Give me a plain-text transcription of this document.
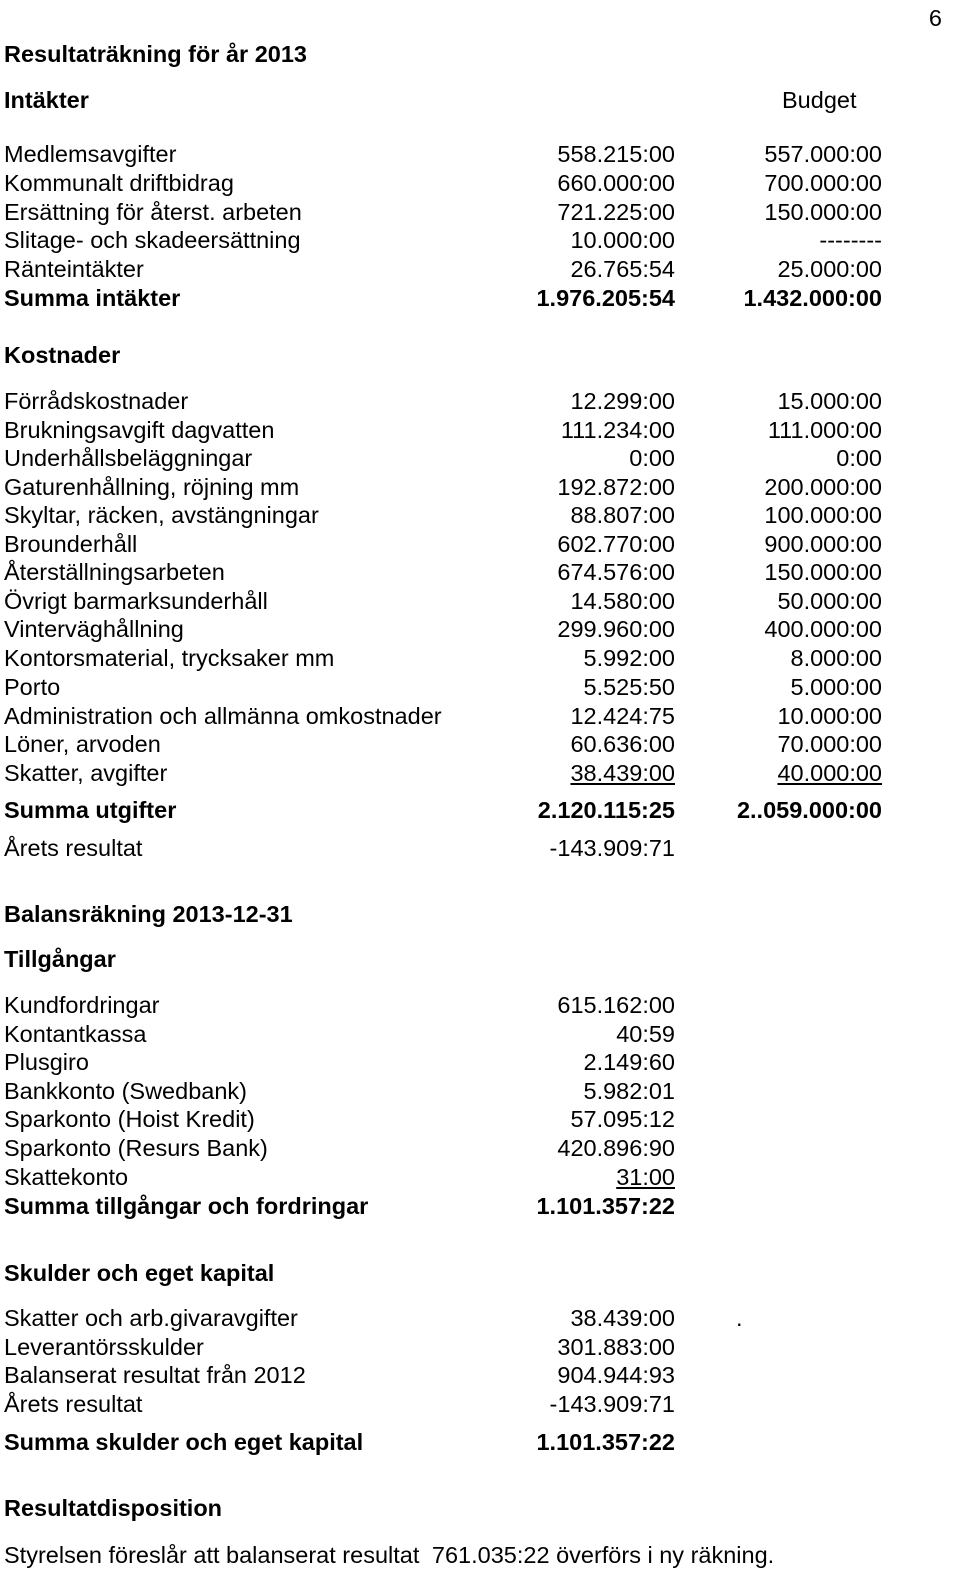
6
Resultaträkning för år 2013
Intäkter	Budget
Medlemsavgifter	558.215:00	557.000:00
Kommunalt driftbidrag	660.000:00	700.000:00
Ersättning för återst. arbeten	721.225:00	150.000:00
Slitage- och skadeersättning	10.000:00	--------
Ränteintäkter	26.765:54	25.000:00
Summa intäkter	1.976.205:54	1.432.000:00
Kostnader
Förrådskostnader	12.299:00	15.000:00
Brukningsavgift dagvatten	111.234:00	111.000:00
Underhållsbeläggningar	0:00	0:00
Gaturenhållning, röjning mm	192.872:00	200.000:00
Skyltar, räcken, avstängningar	88.807:00	100.000:00
Brounderhåll	602.770:00	900.000:00
Återställningsarbeten	674.576:00	150.000:00
Övrigt barmarksunderhåll	14.580:00	50.000:00
Vinterväghållning	299.960:00	400.000:00
Kontorsmaterial, trycksaker mm	5.992:00	8.000:00
Porto	5.525:50	5.000:00
Administration och allmänna omkostnader	12.424:75	10.000:00
Löner, arvoden	60.636:00	70.000:00
Skatter, avgifter	38.439:00	40.000:00
Summa utgifter	2.120.115:25	2..059.000:00
Årets resultat	-143.909:71
Balansräkning 2013-12-31
Tillgångar
Kundfordringar	615.162:00
Kontantkassa	40:59
Plusgiro	2.149:60
Bankkonto (Swedbank)	5.982:01
Sparkonto (Hoist Kredit)	57.095:12
Sparkonto (Resurs Bank)	420.896:90
Skattekonto	31:00
Summa tillgångar och fordringar	1.101.357:22
Skulder och eget kapital
Skatter och arb.givaravgifter	38.439:00	.
Leverantörsskulder	301.883:00
Balanserat resultat från 2012	904.944:93
Årets resultat	-143.909:71
Summa skulder och eget kapital	1.101.357:22
Resultatdisposition
Styrelsen föreslår att balanserat resultat 761.035:22 överförs i ny räkning.
